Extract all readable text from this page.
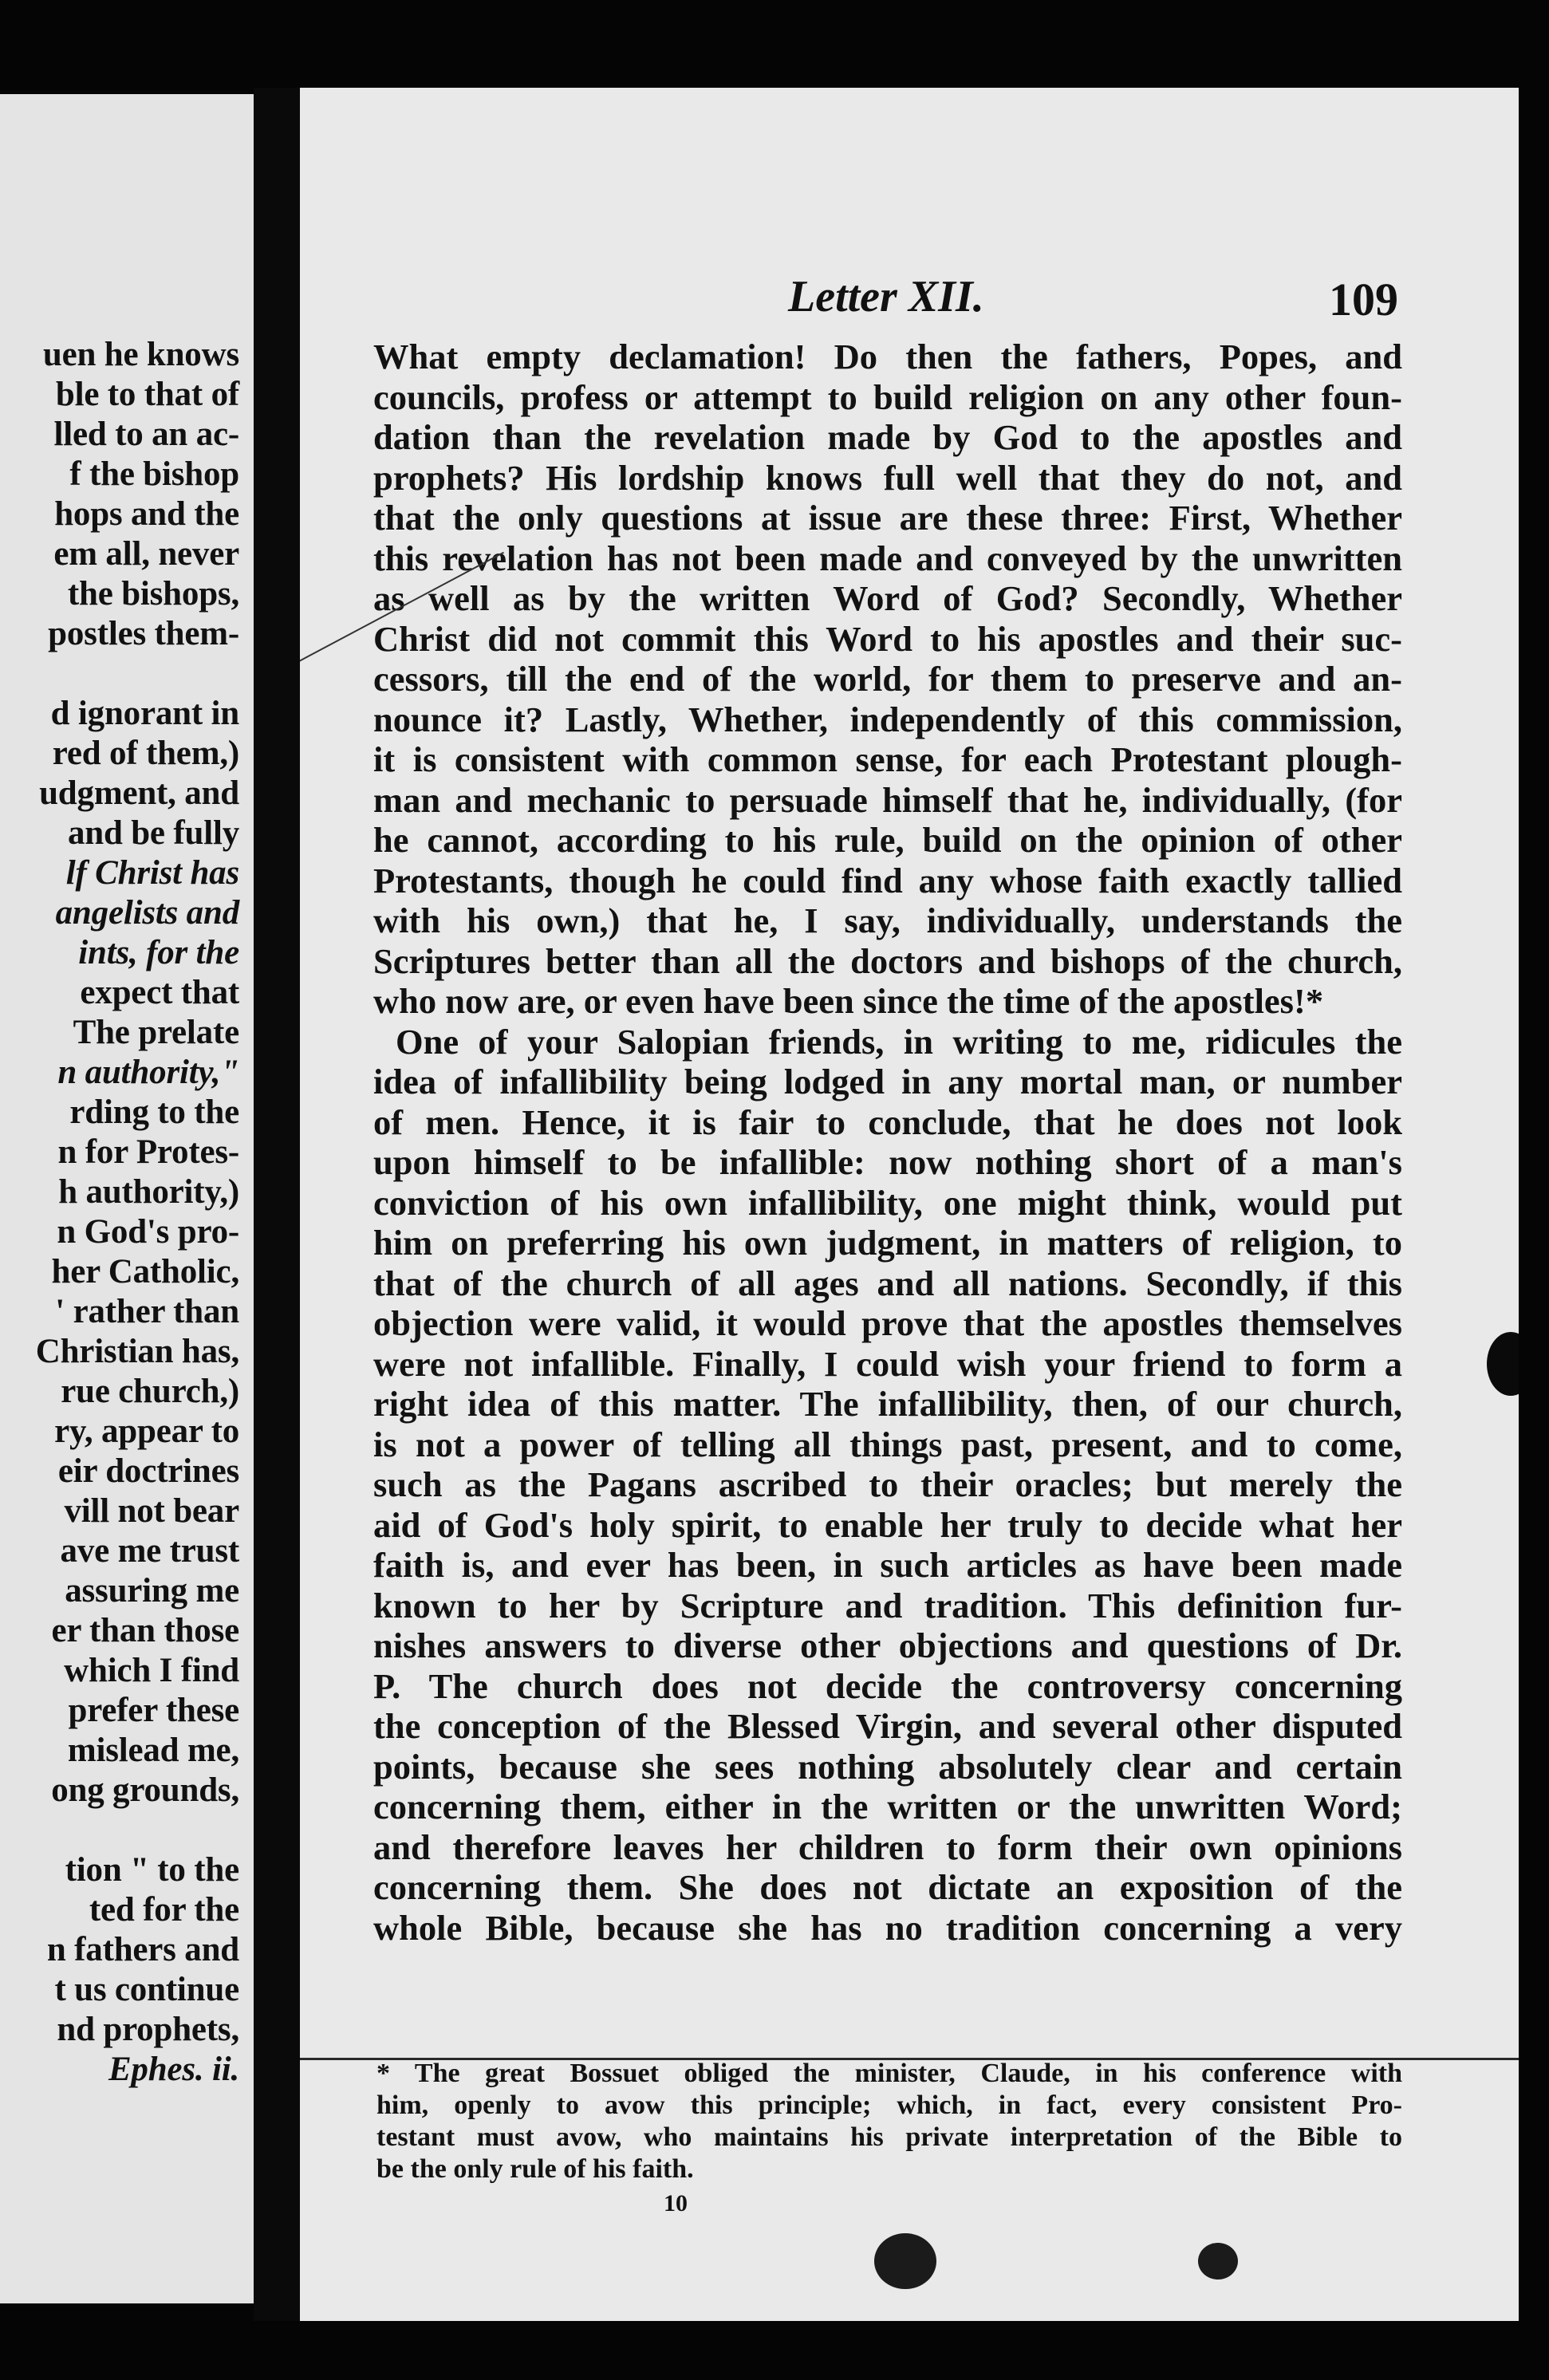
uen he knows
ble to that of
lled to an ac-
f the bishop
hops and the
em all, never
the bishops,
postles them-
d ignorant in
red of them,)
udgment, and
and be fully
lf Christ has
angelists and
ints, for the
expect that
The prelate
n authority,"
rding to the
n for Protes-
h authority,)
n God's pro-
her Catholic,
' rather than
Christian has,
rue church,)
ry, appear to
eir doctrines
vill not bear
ave me trust
assuring me
er than those
which I find
prefer these
mislead me,
ong grounds,
tion " to the
ted for the
n fathers and
t us continue
nd prophets,
Ephes. ii.
Letter XII.	109
What empty declamation! Do then the fathers, Popes, and
councils, profess or attempt to build religion on any other foun-
dation than the revelation made by God to the apostles and
prophets? His lordship knows full well that they do not, and
that the only questions at issue are these three: First, Whether
this revelation has not been made and conveyed by the unwritten
as well as by the written Word of God? Secondly, Whether
Christ did not commit this Word to his apostles and their suc-
cessors, till the end of the world, for them to preserve and an-
nounce it? Lastly, Whether, independently of this commission,
it is consistent with common sense, for each Protestant plough-
man and mechanic to persuade himself that he, individually, (for
he cannot, according to his rule, build on the opinion of other
Protestants, though he could find any whose faith exactly tallied
with his own,) that he, I say, individually, understands the
Scriptures better than all the doctors and bishops of the church,
who now are, or even have been since the time of the apostles!*
One of your Salopian friends, in writing to me, ridicules the
idea of infallibility being lodged in any mortal man, or number
of men. Hence, it is fair to conclude, that he does not look
upon himself to be infallible: now nothing short of a man's
conviction of his own infallibility, one might think, would put
him on preferring his own judgment, in matters of religion, to
that of the church of all ages and all nations. Secondly, if this
objection were valid, it would prove that the apostles themselves
were not infallible. Finally, I could wish your friend to form a
right idea of this matter. The infallibility, then, of our church,
is not a power of telling all things past, present, and to come,
such as the Pagans ascribed to their oracles; but merely the
aid of God's holy spirit, to enable her truly to decide what her
faith is, and ever has been, in such articles as have been made
known to her by Scripture and tradition. This definition fur-
nishes answers to diverse other objections and questions of Dr.
P. The church does not decide the controversy concerning
the conception of the Blessed Virgin, and several other disputed
points, because she sees nothing absolutely clear and certain
concerning them, either in the written or the unwritten Word;
and therefore leaves her children to form their own opinions
concerning them. She does not dictate an exposition of the
whole Bible, because she has no tradition concerning a very
* The great Bossuet obliged the minister, Claude, in his conference with
him, openly to avow this principle; which, in fact, every consistent Pro-
testant must avow, who maintains his private interpretation of the Bible to
be the only rule of his faith.
10
